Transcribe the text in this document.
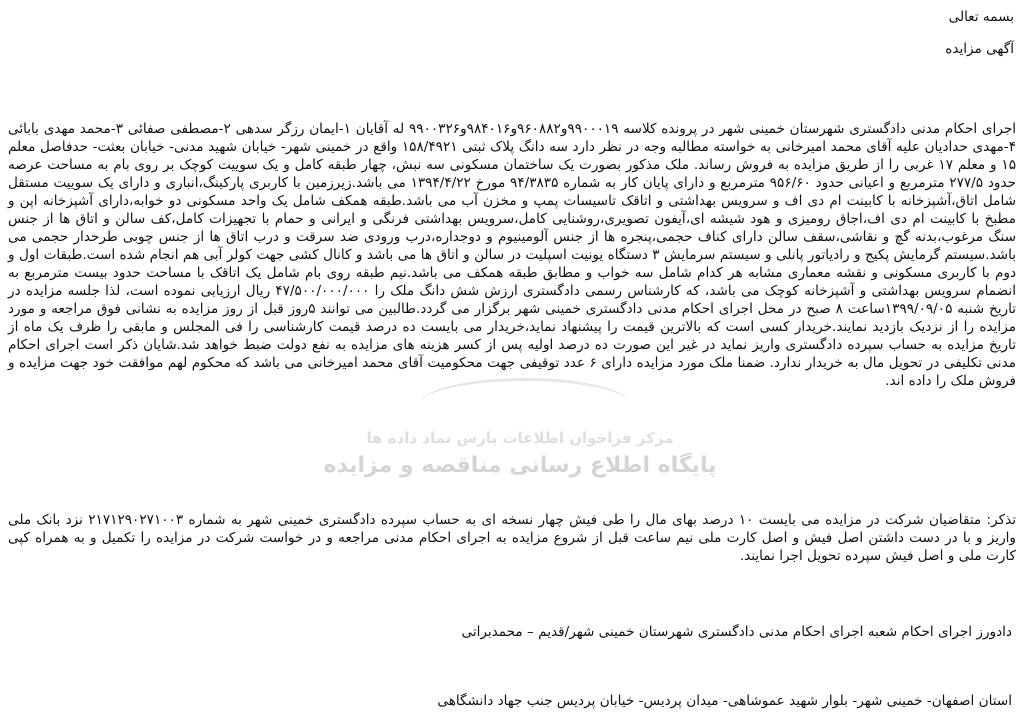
بسمه تعالی
آگهی مزایده
مرکز فراخوان اطلاعات پارس نماد داده ها
پایگاه اطلاع رسانی مناقصه و مزایده
اجرای احکام مدنی دادگستری شهرستان خمینی شهر در پرونده کلاسه ۹۹۰۰۰۱۹و۹۶۰۸۸۲و۹۸۴۰۱۶و۹۹۰۰۳۲۶ له آقایان ۱-ایمان رزگر سدهی ۲-مصطفی صفائی ۳-محمد مهدی بابائی ۴-مهدی حدادیان علیه آقای محمد امیرخانی به خواسته مطالبه وجه در نظر دارد سه دانگ پلاک ثبتی ۱۵۸/۴۹۲۱ واقع در خمینی شهر- خیابان شهید مدنی- خیابان بعثت- حدفاصل معلم ۱۵ و معلم ۱۷ غربی را از طریق مزایده به فروش رساند. ملک مذکور بصورت یک ساختمان مسکونی سه نبش، چهار طبقه کامل و یک سوییت کوچک بر روی بام به مساحت عرصه حدود ۲۷۷/۵ مترمربع و اعیانی حدود ۹۵۶/۶۰ مترمربع و دارای پایان کار به شماره ۹۴/۳۸۳۵ مورخ ۱۳۹۴/۴/۲۲ می باشد.زیرزمین با کاربری پارکینگ،انباری و دارای یک سوییت مستقل شامل اتاق،آشپزخانه با کابینت ام دی اف و سرویس بهداشتی و اتاقک تاسیسات پمپ و مخزن آب می باشد.طبقه همکف شامل یک واحد مسکونی دو خوابه،دارای آشپزخانه اپن و مطبخ با کابینت ام دی اف،اجاق رومیزی و هود شیشه ای،آیفون تصویری،روشنایی کامل،سرویس بهداشتی فرنگی و ایرانی و حمام با تجهیزات کامل،کف سالن و اتاق ها از جنس سنگ مرغوب،بدنه گچ و نقاشی،سقف سالن دارای کناف حجمی،پنجره ها از جنس آلومینیوم و دوجداره،درب ورودی ضد سرقت و درب اتاق ها از جنس چوبی طرحدار حجمی می باشد.سیستم گرمایش پکیج و رادیاتور پانلی و سیستم سرمایش ۳ دستگاه یونیت اسپلیت در سالن و اتاق ها می باشد و کانال کشی جهت کولر آبی هم انجام شده است.طبقات اول و دوم با کاربری مسکونی و نقشه معماری مشابه هر کدام شامل سه خواب و مطابق طبقه همکف می باشد.نیم طبقه روی بام شامل یک اتاقک با مساحت حدود بیست مترمربع به انضمام سرویس بهداشتی و آشپزخانه کوچک می باشد، که کارشناس رسمی دادگستری ارزش شش دانگ ملک را ۴۷/۵۰۰/۰۰۰/۰۰۰ ریال ارزیابی نموده است، لذا جلسه مزایده در تاریخ شنبه ۱۳۹۹/۰۹/۰۵ساعت ۸ صبح در محل اجرای احکام مدنی دادگستری خمینی شهر برگزار می گردد.طالبین می توانند ۵روز قبل از روز مزایده به نشانی فوق مراجعه و مورد مزایده را از نزدیک بازدید نمایند.خریدار کسی است که بالاترین قیمت را پیشنهاد نماید،خریدار می بایست ده درصد قیمت کارشناسی را فی المجلس و مابقی را ظرف یک ماه از تاریخ مزایده به حساب سپرده دادگستری واریز نماید در غیر این صورت ده درصد اولیه پس از کسر هزینه های مزایده به نفع دولت ضبط خواهد شد.شایان ذکر است اجرای احکام مدنی تکلیفی در تحویل مال به خریدار ندارد. ضمنا ملک مورد مزایده دارای ۶ عدد توقیفی جهت محکومیت آقای محمد امیرخانی می باشد که محکوم لهم موافقت خود جهت مزایده و فروش ملک را داده اند.
تذکر: متقاضیان شرکت در مزایده می بایست ۱۰ درصد بهای مال را طی فیش چهار نسخه ای به حساب سپرده دادگستری خمینی شهر به شماره ۲۱۷۱۲۹۰۲۷۱۰۰۳ نزد بانک ملی واریز و با در دست داشتن اصل فیش و اصل کارت ملی نیم ساعت قبل از شروع مزایده به اجرای احکام مدنی مراجعه و در خواست شرکت در مزایده را تکمیل و به همراه کپی کارت ملی و اصل فیش سپرده تحویل اجرا نمایند.
دادورز اجرای احکام شعبه اجرای احکام مدنی دادگستری شهرستان خمینی شهر/قدیم – محمدبراتی
استان اصفهان- خمینی شهر- بلوار شهید عموشاهی- میدان پردیس- خیابان پردیس جنب جهاد دانشگاهی
